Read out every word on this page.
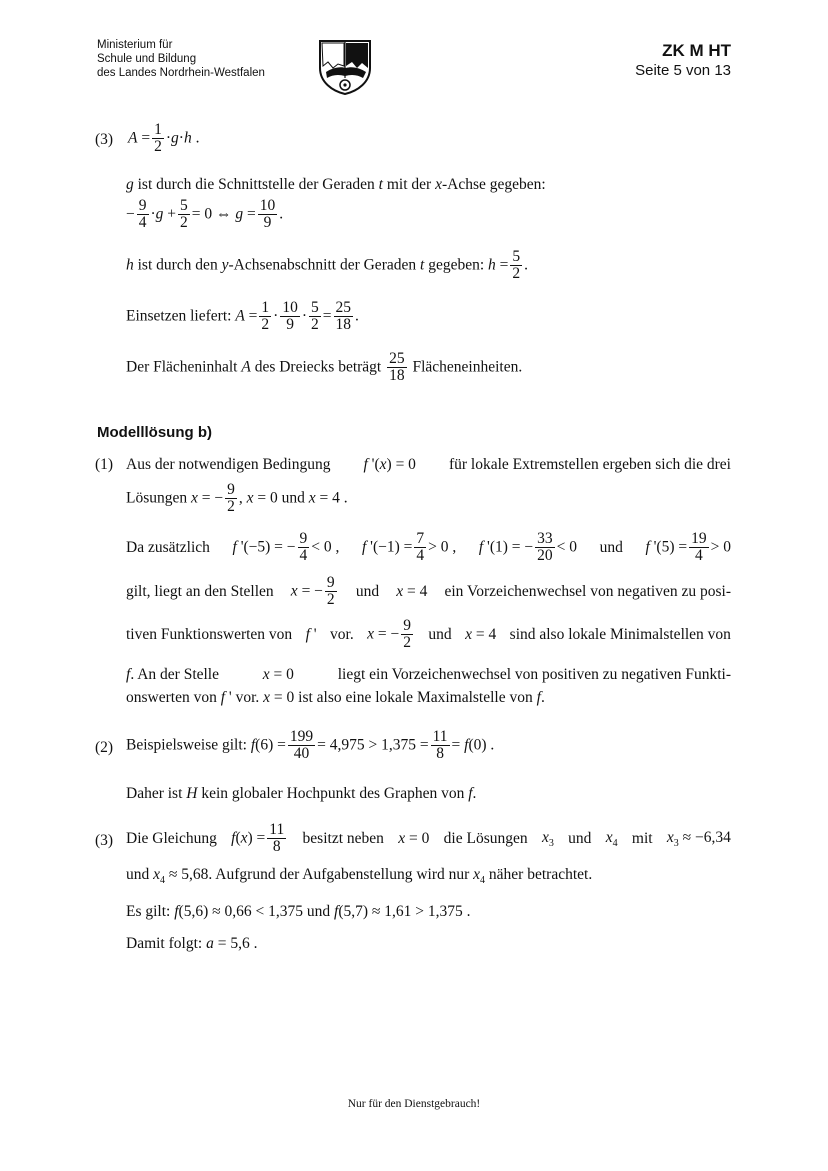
Ministerium für
Schule und Bildung
des Landes Nordrhein-Westfalen
ZK M HT
Seite 5 von 13
(3) $A = \frac{1}{2} \cdot g\cdot h$ .
g ist durch die Schnittstelle der Geraden t mit der x-Achse gegeben:
− $\frac{9}{4} \cdot g + \frac{5}{2} = 0$ ⇔ $g = \frac{10}{9}$ .
h ist durch den y-Achsenabschnitt der Geraden t gegeben: $h = \frac{5}{2}$ .
Einsetzen liefert: $A = \frac{1}{2} \cdot \frac{10}{9} \cdot \frac{5}{2} = \frac{25}{18}$ .
Der Flächeninhalt A des Dreiecks beträgt $\frac{25}{18}$ Flächeneinheiten.
Modelllösung b)
(1) Aus der notwendigen Bedingung f '(x) = 0 für lokale Extremstellen ergeben sich die drei
Lösungen x = − $\frac{9}{2}$ , x = 0 und x = 4 .
Da zusätzlich f '(−5) = − $\frac{9}{4} < 0$ , f '$(-1) = \frac{7}{4} > 0$ , f '(1) = − $\frac{33}{20} < 0$ und f '$(5) = \frac{19}{4} > 0$
gilt, liegt an den Stellen x = − $\frac{9}{2}$ und x = 4 ein Vorzeichenwechsel von negativen zu posi-
tiven Funktionswerten von f ' vor. x = − $\frac{9}{2}$ und x = 4 sind also lokale Minimalstellen von
f. An der Stelle	x = 0	liegt ein Vorzeichenwechsel von positiven zu negativen Funkti-
onswerten von f ' vor. x = 0 ist also eine lokale Maximalstelle von f.
(2) Beispielsweise gilt: $f(6) = \frac{199}{40} = 4,975 > 1,375 = \frac{11}{8} = f(0)$ .
Daher ist H kein globaler Hochpunkt des Graphen von f.
(3) Die Gleichung $f(x) = \frac{11}{8}$ besitzt neben x = 0 die Lösungen $x_3$ und $x_4$ mit $x_3 \approx -6,34$
und $x_4 \approx 5,68$. Aufgrund der Aufgabenstellung wird nur $x_4$ näher betrachtet.
Es gilt: f(5,6) ≈ 0,66 < 1,375 und f(5,7) ≈ 1,61 > 1,375 .
Damit folgt: a = 5,6 .
Nur für den Dienstgebrauch!
